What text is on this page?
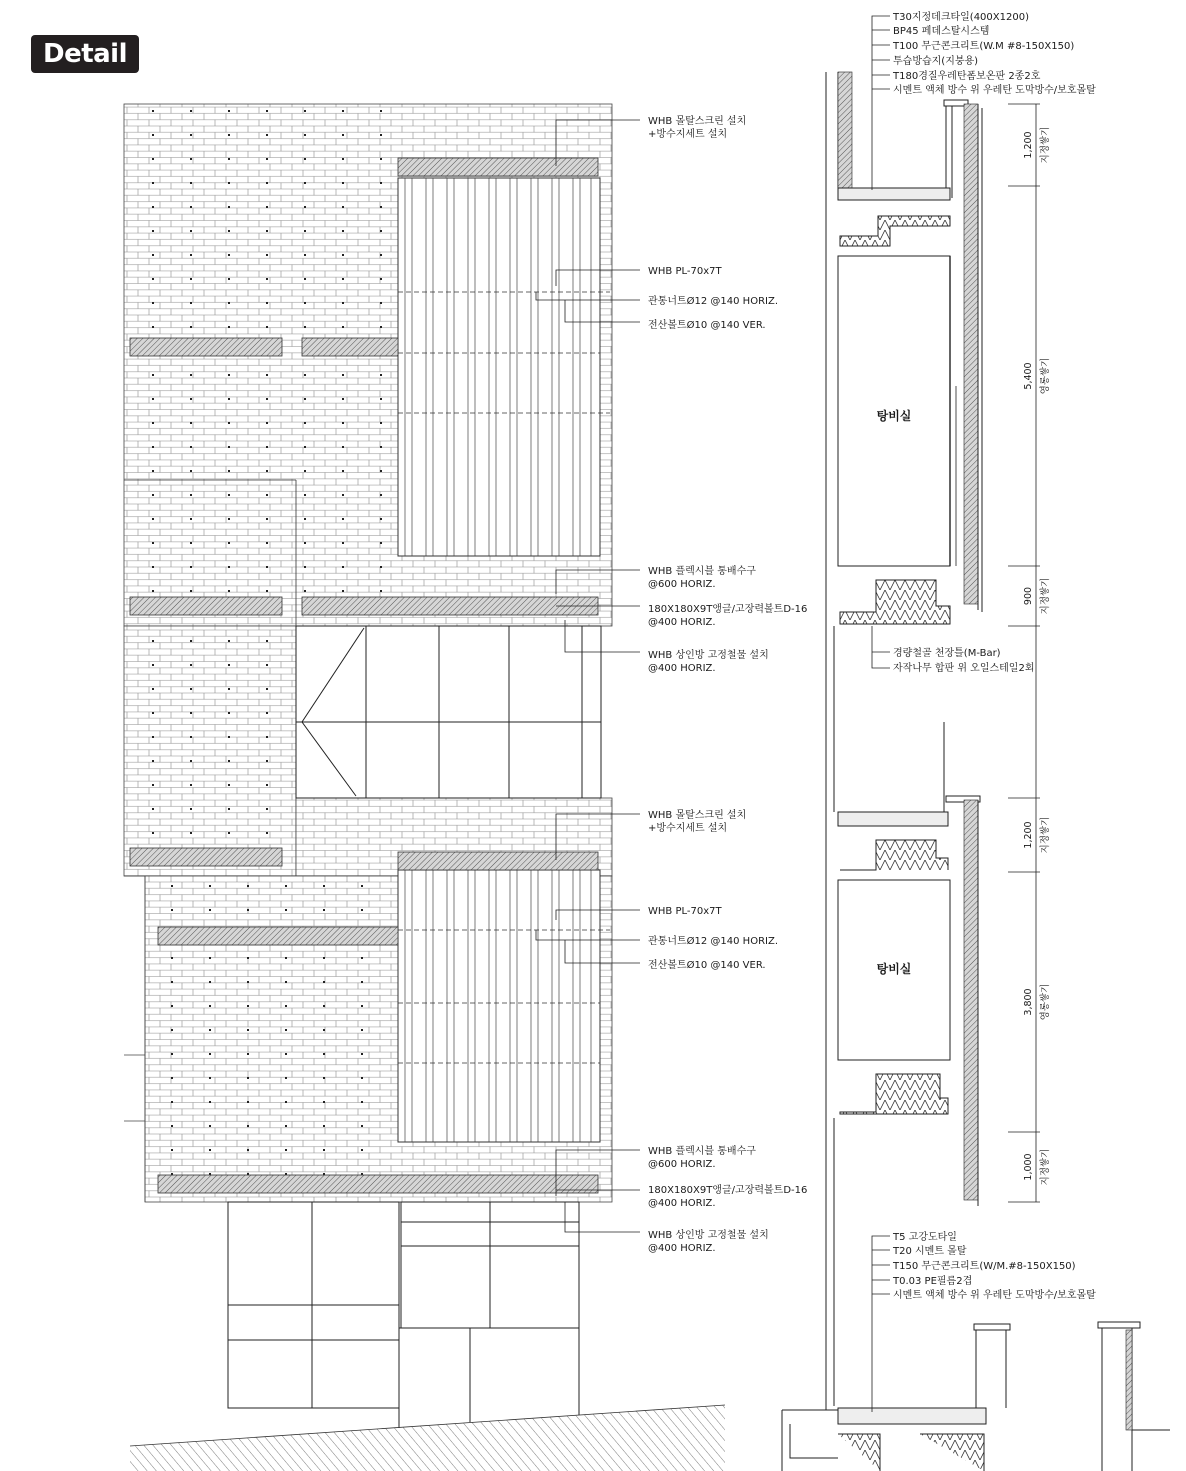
Detail
WHB 몰탈스크린 설치 +방수지세트 설치
WHB PL-70x7T
관통너트Ø12 @140 HORIZ.
전산볼트Ø10 @140 VER.
WHB 플렉시블 통배수구 @600 HORIZ.
180X180X9T앵글/고장력볼트D-16 @400 HORIZ.
WHB 상인방 고정철물 설치 @400 HORIZ.
WHB 몰탈스크린 설치 +방수지세트 설치
WHB PL-70x7T
관통너트Ø12 @140 HORIZ.
전산볼트Ø10 @140 VER.
WHB 플렉시블 통배수구 @600 HORIZ.
180X180X9T앵글/고장력볼트D-16 @400 HORIZ.
WHB 상인방 고정철물 설치 @400 HORIZ.
T30지정데크타일(400X1200)
BP45 페데스탈시스템
T100 무근콘크리트(W.M #8-150X150)
투습방습지(지붕용)
T180경질우레탄폼보온판 2종2호
시멘트 액체 방수 위 우레탄 도막방수/보호몰탈
경량철골 천장틀(M-Bar)
자작나무 합판 위 오일스테일2회
T5 고강도타일
T20 시멘트 몰탈
T150 무근콘크리트(W/M.#8-150X150)
T0.03 PE필름2겹
시멘트 액체 방수 위 우레탄 도막방수/보호몰탈
탕비실
탕비실
1,200 지정쌓기
5,400 영롱쌓기
900 지정쌓기
1,200 지정쌓기
3,800 영롱쌓기
1,000 지정쌓기
